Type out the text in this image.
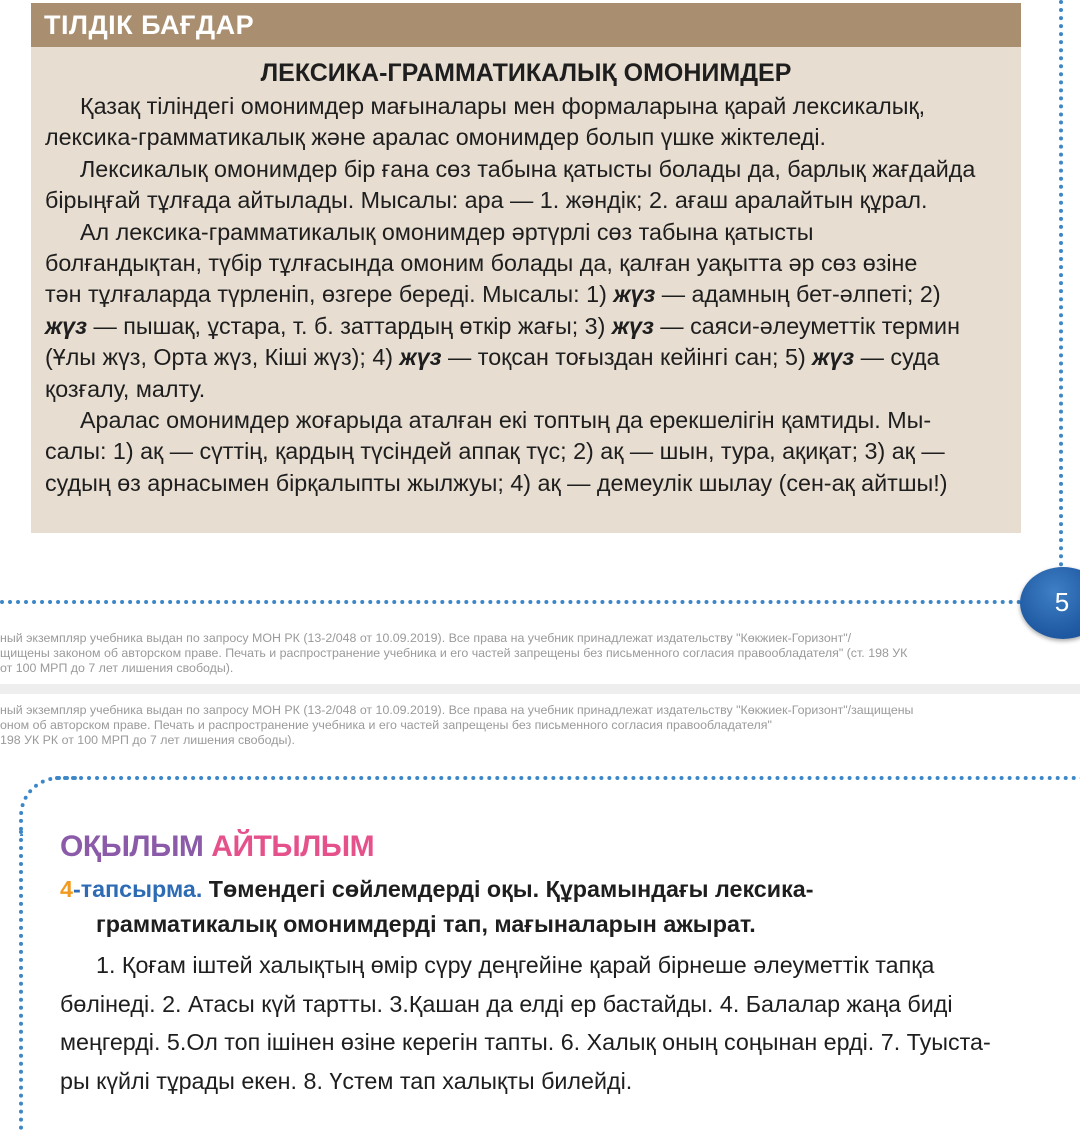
ТІЛДІК БАҒДАР
ЛЕКСИКА-ГРАММАТИКАЛЫҚ ОМОНИМДЕР
Қазақ тіліндегі омонимдер мағыналары мен формаларына қарай лексикалық,
лексика-грамматикалық және аралас омонимдер болып үшке жіктеледі.
Лексикалық омонимдер бір ғана сөз табына қатысты болады да, барлық жағдайда
бірыңғай тұлғада айтылады. Мысалы: ара — 1. жәндік; 2. ағаш аралайтын құрал.
Ал лексика-грамматикалық омонимдер әртүрлі сөз табына қатысты
болғандықтан, түбір тұлғасында омоним болады да, қалған уақытта әр сөз өзіне
тән тұлғаларда түрленіп, өзгере береді. Мысалы: 1) жүз — адамның бет-әлпеті; 2)
жүз — пышақ, ұстара, т. б. заттардың өткір жағы; 3) жүз — саяси-әлеуметтік термин
(Ұлы жүз, Орта жүз, Кіші жүз); 4) жүз — тоқсан тоғыздан кейінгі сан; 5) жүз — суда
қозғалу, малту.
Аралас омонимдер жоғарыда аталған екі топтың да ерекшелігін қамтиды. Мы-
салы: 1) ақ — сүттің, қардың түсіндей аппақ түс; 2) ақ — шын, тура, ақиқат; 3) ақ —
судың өз арнасымен бірқалыпты жылжуы; 4) ақ — демеулік шылау (сен-ақ айтшы!)
5
ный экземпляр учебника выдан по запросу МОН РК (13-2/048 от 10.09.2019). Все права на учебник принадлежат издательству "Көкжиек-Горизонт"/
щищены законом об авторском праве. Печать и распространение учебника и его частей запрещены без письменного согласия правообладателя" (ст. 198 УК
от 100 МРП до 7 лет лишения свободы).
ный экземпляр учебника выдан по запросу МОН РК (13-2/048 от 10.09.2019). Все права на учебник принадлежат издательству "Көкжиек-Горизонт"/защищены
оном об авторском праве. Печать и распространение учебника и его частей запрещены без письменного согласия правообладателя"
198 УК РК от 100 МРП до 7 лет лишения свободы).
ОҚЫЛЫМ АЙТЫЛЫМ
4-тапсырма. Төмендегі сөйлемдерді оқы. Құрамындағы лексика-
грамматикалық омонимдерді тап, мағыналарын ажырат.
1. Қоғам іштей халықтың өмір сүру деңгейіне қарай бірнеше әлеуметтік тапқа
бөлінеді. 2. Атасы күй тартты. 3.Қашан да елді ер бастайды. 4. Балалар жаңа биді
меңгерді. 5.Ол топ ішінен өзіне керегін тапты. 6. Халық оның соңынан ерді. 7. Туыста-
ры күйлі тұрады екен. 8. Үстем тап халықты билейді.
